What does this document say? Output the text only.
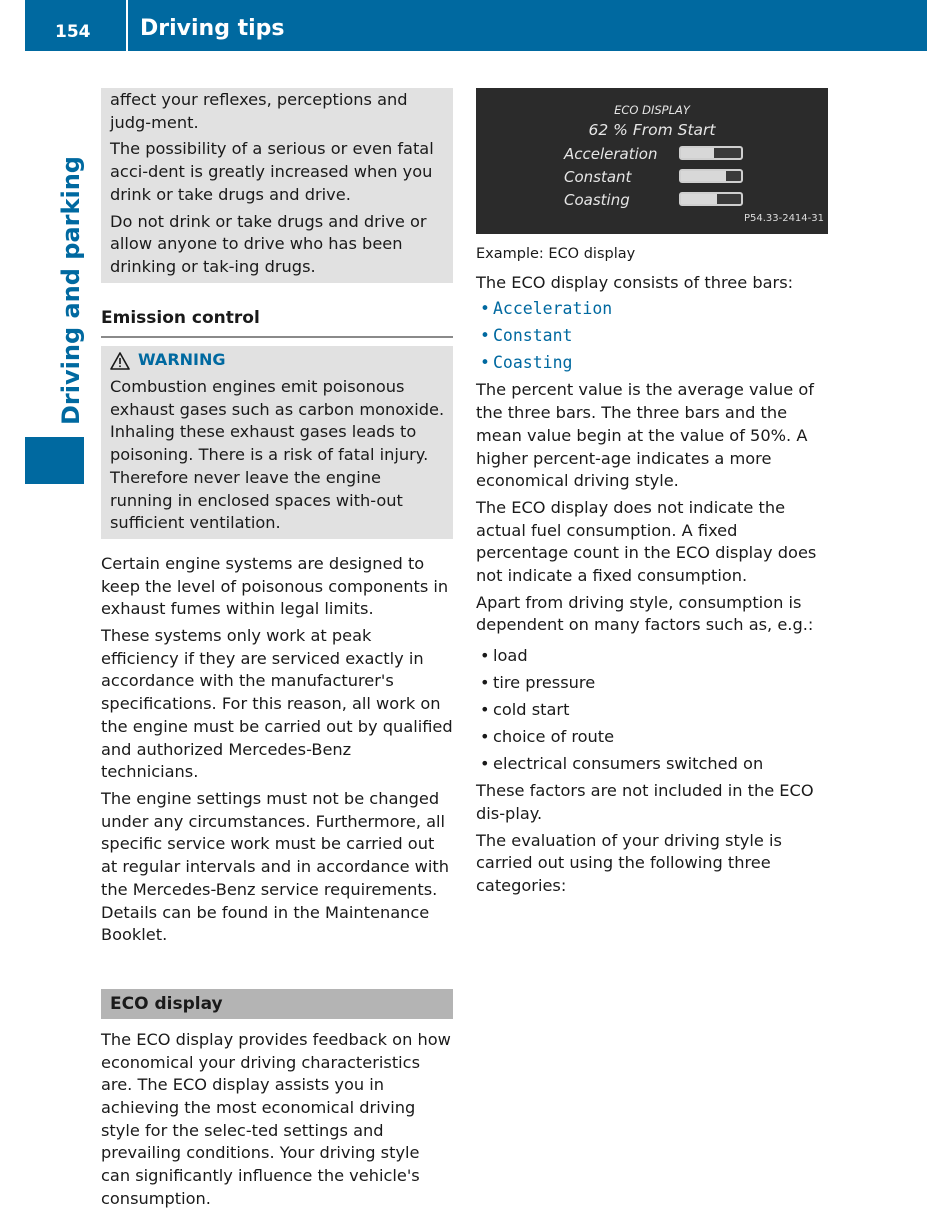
154 Driving tips
Driving and parking

affect your reflexes, perceptions and judg-ment.

The possibility of a serious or even fatal acci-dent is greatly increased when you drink or take drugs and drive.

Do not drink or take drugs and drive or allow anyone to drive who has been drinking or tak-ing drugs.

Emission control
WARNING

Combustion engines emit poisonous exhaust gases such as carbon monoxide. Inhaling these exhaust gases leads to poisoning. There is a risk of fatal injury. Therefore never leave the engine running in enclosed spaces with-out sufficient ventilation.

Certain engine systems are designed to keep the level of poisonous components in exhaust fumes within legal limits.

These systems only work at peak efficiency if they are serviced exactly in accordance with the manufacturer's specifications. For this reason, all work on the engine must be carried out by qualified and authorized Mercedes-Benz technicians.

The engine settings must not be changed under any circumstances. Furthermore, all specific service work must be carried out at regular intervals and in accordance with the Mercedes-Benz service requirements. Details can be found in the Maintenance Booklet.

ECO display

The ECO display provides feedback on how economical your driving characteristics are. The ECO display assists you in achieving the most economical driving style for the selec-ted settings and prevailing conditions. Your driving style can significantly influence the vehicle's consumption.

ECO DISPLAY
62 % From Start
Acceleration
Constant
Coasting
P54.33-2414-31

Example: ECO display

The ECO display consists of three bars:

• Acceleration
• Constant
• Coasting

The percent value is the average value of the three bars. The three bars and the mean value begin at the value of 50%. A higher percent-age indicates a more economical driving style.

The ECO display does not indicate the actual fuel consumption. A fixed percentage count in the ECO display does not indicate a fixed consumption.

Apart from driving style, consumption is dependent on many factors such as, e.g.:

• load
• tire pressure
• cold start
• choice of route
• electrical consumers switched on

These factors are not included in the ECO dis-play.

The evaluation of your driving style is carried out using the following three categories:
